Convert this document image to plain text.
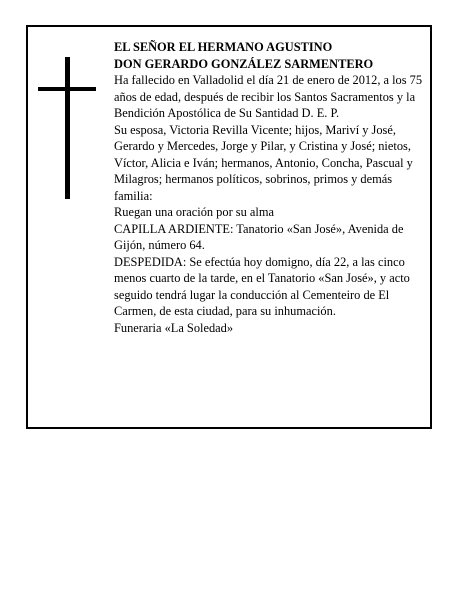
EL SEÑOR EL HERMANO AGUSTINO

DON GERARDO GONZÁLEZ SARMENTERO

Ha fallecido en Valladolid el día 21 de enero de 2012, a los 75 años de edad, después de recibir los Santos Sacramentos y la Bendición Apostólica de Su Santidad D. E. P.

Su esposa, Victoria Revilla Vicente; hijos, Mariví y José, Gerardo y Mercedes, Jorge y Pilar, y Cristina y José; nietos, Víctor, Alicia e Iván; hermanos, Antonio, Concha, Pascual y Milagros; hermanos políticos, sobrinos, primos y demás familia:

Ruegan una oración por su alma

CAPILLA ARDIENTE: Tanatorio «San José», Avenida de Gijón, número 64.

DESPEDIDA: Se efectúa hoy domigno, día 22, a las cinco menos cuarto de la tarde, en el Tanatorio «San José», y acto seguido tendrá lugar la conducción al Cementeiro de El Carmen, de esta ciudad, para su inhumación.

Funeraria «La Soledad»
